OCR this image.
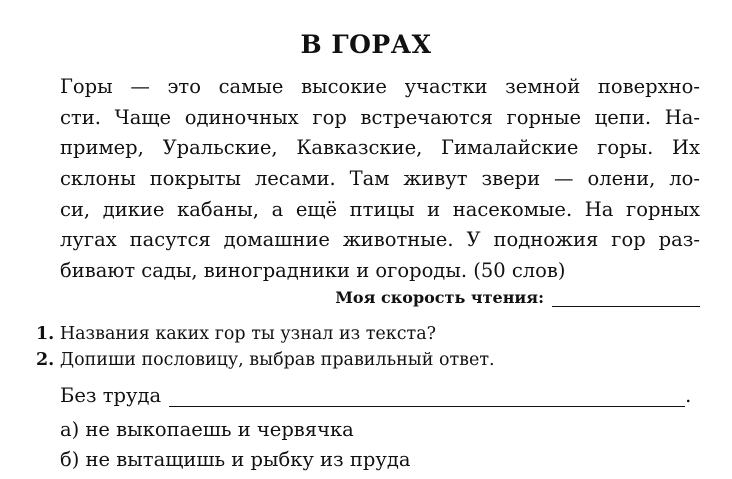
В ГОРАХ
Горы — это самые высокие участки земной поверхно-
сти. Чаще одиночных гор встречаются горные цепи. На-
пример, Уральские, Кавказские, Гималайские горы. Их
склоны покрыты лесами. Там живут звери — олени, ло-
си, дикие кабаны, а ещё птицы и насекомые. На горных
лугах пасутся домашние животные. У подножия гор раз-
бивают сады, виноградники и огороды. (50 слов)
Моя скорость чтения:
1. Названия каких гор ты узнал из текста?
2. Допиши пословицу, выбрав правильный ответ.
Без труда	.
а) не выкопаешь и червячка
б) не вытащишь и рыбку из пруда
